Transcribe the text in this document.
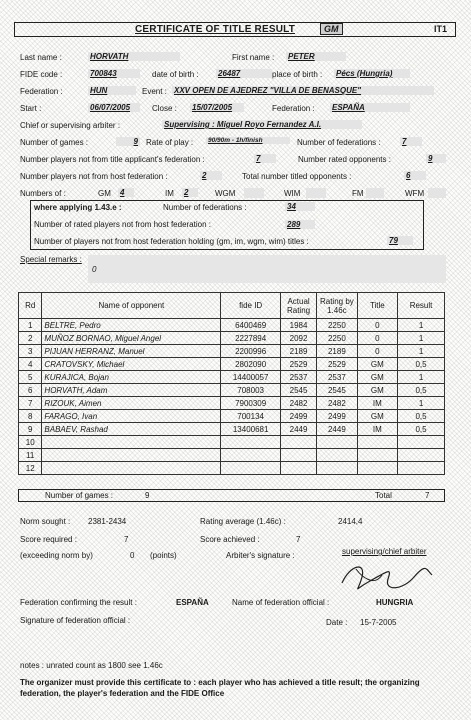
CERTIFICATE OF TITLE RESULT	GM	IT1
Last name :	HORVATH	First name : PETER
FIDE code :	700843	date of birth : 26487	place of birth : Pécs (Hungria)
Federation :	HUN	Event : XXV OPEN DE AJEDREZ "VILLA DE BENASQUE"
Start :	06/07/2005	Close : 15/07/2005	Federation : ESPAÑA
Chief or supervising arbiter :	Supervising : Miguel Royo Fernandez A.I.
Number of games :	9 Rate of play :	90/90m - 1h/finish	Number of federations :	7
Number players not from title applicant's federation :	7	Number rated opponents :	9
Number players not from host federation :	2	Total number titled opponents :	6
Numbers of :	GM 4	IM 2	WGM	WIM	FM	WFM
where applying 1.43.e :	Number of federations :	34
Number of rated players not from host federation :	289
Number of players not from host federation holding (gm, im, wgm, wim) titles :	79
Special remarks :
0
Rd	Name of opponent	fide ID	Actual Rating	Rating by 1.46c	Title	Result
1	BELTRE, Pedro	6400469	1984	2250	0	1
2	MUÑOZ BORNAO, Miguel Angel	2227894	2092	2250	0	1
3	PIJUAN HERRANZ, Manuel	2200996	2189	2189	0	1
4	CRATOVSKY, Michael	2802090	2529	2529	GM	0,5
5	KURAJICA, Bojan	14400057	2537	2537	GM	1
6	HORVATH, Adam	708003	2545	2545	GM	0,5
7	RIZOUK, Aimen	7900309	2482	2482	IM	1
8	FARAGO, Ivan	700134	2499	2499	GM	0,5
9	BABAEV, Rashad	13400681	2449	2449	IM	0,5
10						
11						
12						
Number of games :	9	Total	7
Norm sought : 2381-2434	Rating average (1.46c) :	2414,4
Score required :	7	Score achieved :	7
(exceeding norm by)	0 (points)	Arbiter's signature :	supervising/chief arbiter
Federation confirming the result :	ESPAÑA	Name of federation official :	HUNGRIA
Signature of federation official :	Date : 15-7-2005
notes : unrated count as 1800 see 1.46c
The organizer must provide this certificate to : each player who has achieved a title result; the organizing federation, the player's federation and the FIDE Office
